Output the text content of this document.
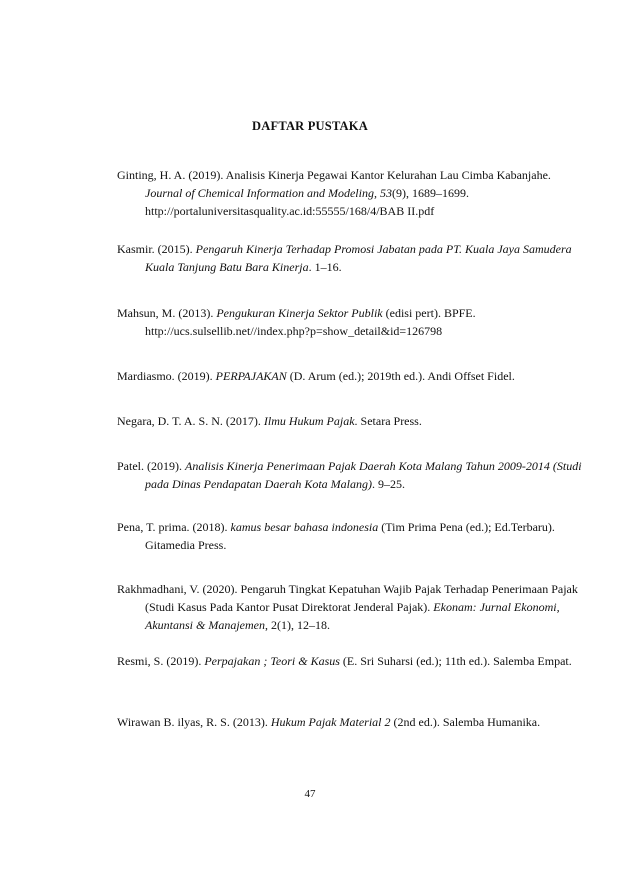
DAFTAR PUSTAKA

Ginting, H. A. (2019). Analisis Kinerja Pegawai Kantor Kelurahan Lau Cimba Kabanjahe. Journal of Chemical Information and Modeling, 53(9), 1689–1699. http://portaluniversitasquality.ac.id:55555/168/4/BAB II.pdf

Kasmir. (2015). Pengaruh Kinerja Terhadap Promosi Jabatan pada PT. Kuala Jaya Samudera Kuala Tanjung Batu Bara Kinerja. 1–16.

Mahsun, M. (2013). Pengukuran Kinerja Sektor Publik (edisi pert). BPFE. http://ucs.sulsellib.net//index.php?p=show_detail&id=126798

Mardiasmo. (2019). PERPAJAKAN (D. Arum (ed.); 2019th ed.). Andi Offset Fidel.

Negara, D. T. A. S. N. (2017). Ilmu Hukum Pajak. Setara Press.

Patel. (2019). Analisis Kinerja Penerimaan Pajak Daerah Kota Malang Tahun 2009-2014 (Studi pada Dinas Pendapatan Daerah Kota Malang). 9–25.

Pena, T. prima. (2018). kamus besar bahasa indonesia (Tim Prima Pena (ed.); Ed.Terbaru). Gitamedia Press.

Rakhmadhani, V. (2020). Pengaruh Tingkat Kepatuhan Wajib Pajak Terhadap Penerimaan Pajak (Studi Kasus Pada Kantor Pusat Direktorat Jenderal Pajak). Ekonam: Jurnal Ekonomi, Akuntansi & Manajemen, 2(1), 12–18.

Resmi, S. (2019). Perpajakan ; Teori & Kasus (E. Sri Suharsi (ed.); 11th ed.). Salemba Empat.

Wirawan B. ilyas, R. S. (2013). Hukum Pajak Material 2 (2nd ed.). Salemba Humanika.

47
